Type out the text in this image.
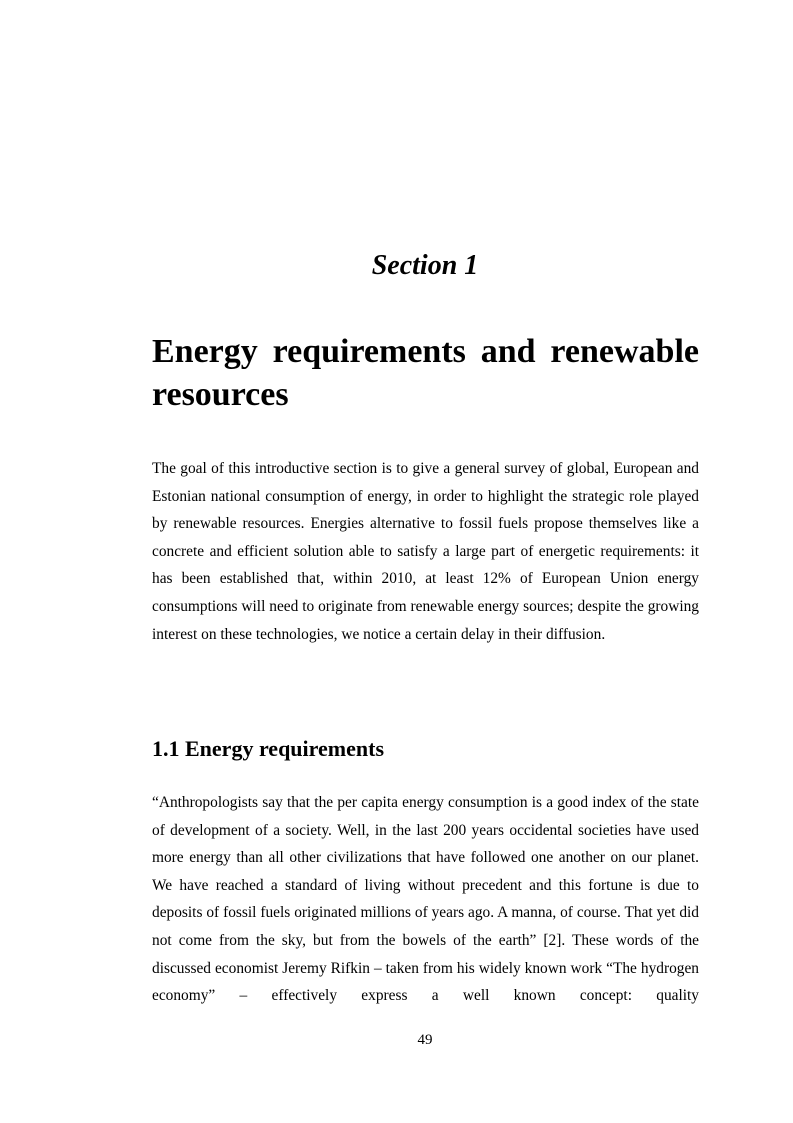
Section 1
Energy requirements and renewable resources

The goal of this introductive section is to give a general survey of global, European and Estonian national consumption of energy, in order to highlight the strategic role played by renewable resources. Energies alternative to fossil fuels propose themselves like a concrete and efficient solution able to satisfy a large part of energetic requirements: it has been established that, within 2010, at least 12% of European Union energy consumptions will need to originate from renewable energy sources; despite the growing interest on these technologies, we notice a certain delay in their diffusion.

1.1 Energy requirements

“Anthropologists say that the per capita energy consumption is a good index of the state of development of a society. Well, in the last 200 years occidental societies have used more energy than all other civilizations that have followed one another on our planet. We have reached a standard of living without precedent and this fortune is due to deposits of fossil fuels originated millions of years ago. A manna, of course. That yet did not come from the sky, but from the bowels of the earth” [2]. These words of the discussed economist Jeremy Rifkin – taken from his widely known work “The hydrogen economy” – effectively express a well known concept: quality

49
